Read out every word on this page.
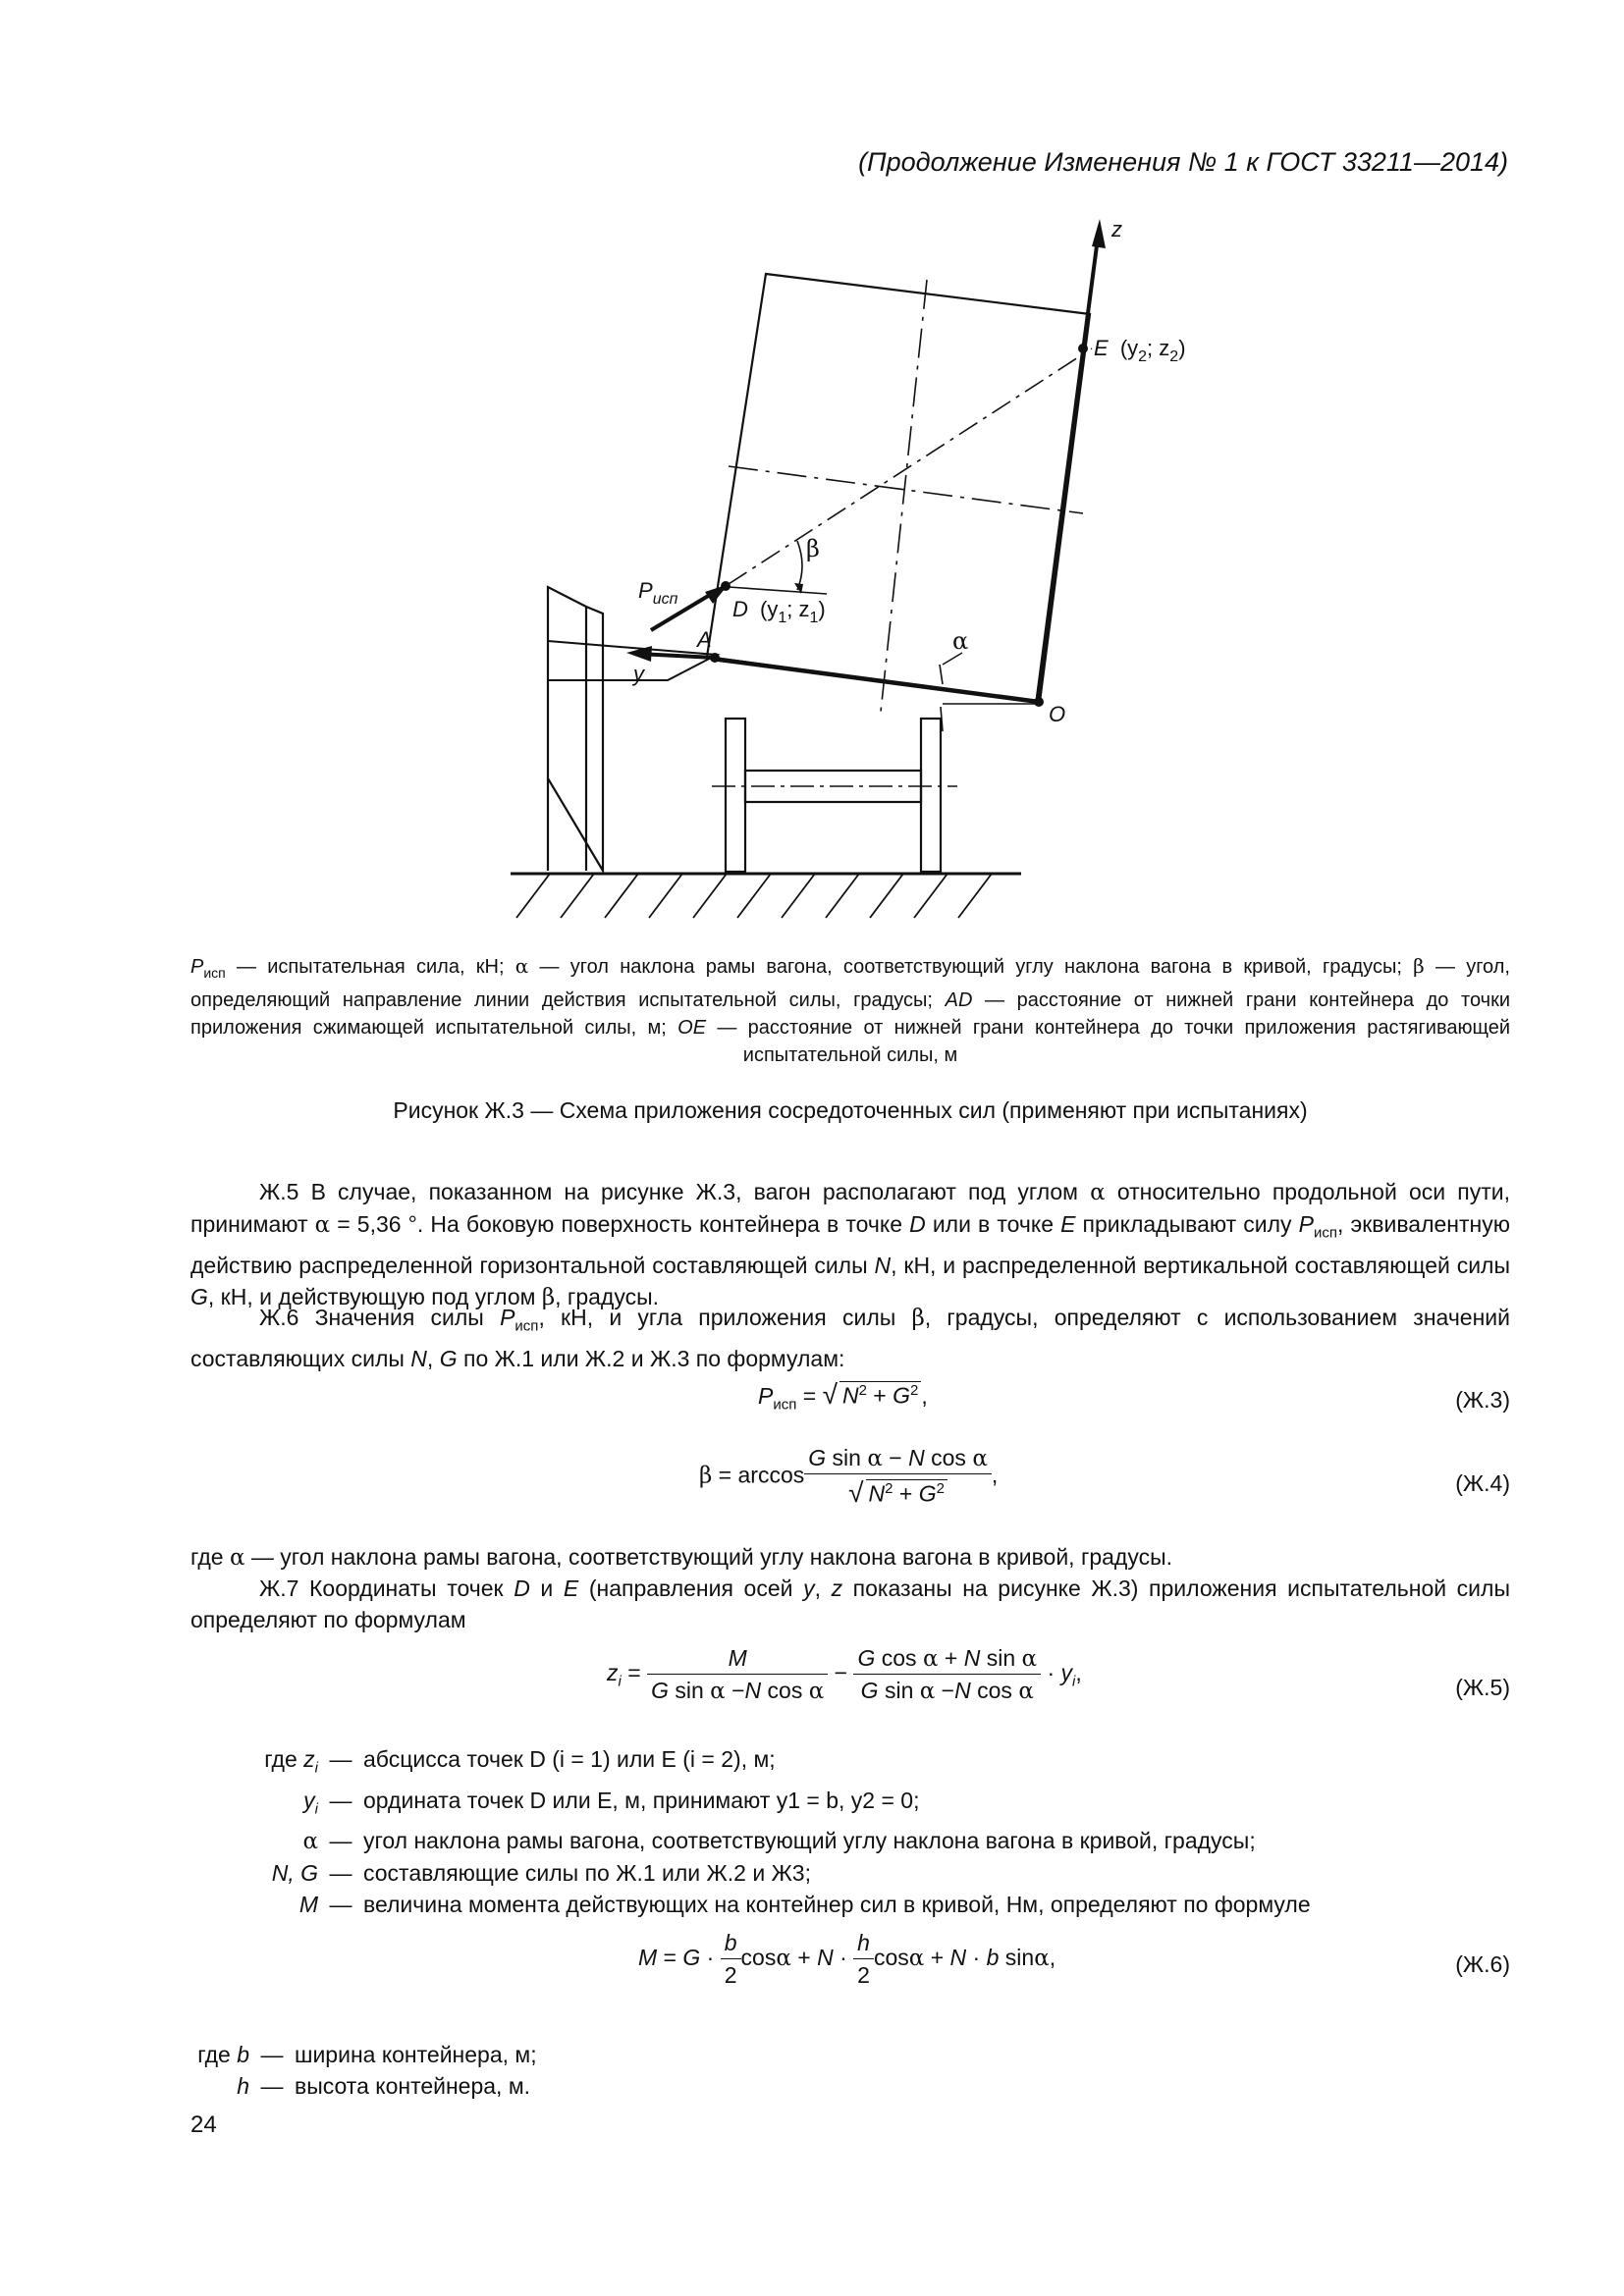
(Продолжение Изменения № 1 к ГОСТ 33211—2014)
z
E ($y_2$; $z_2$)
β
$P_{исп}$	D ($y_1$; $z_1$)
A
y
α
O
$P_{исп}$ — испытательная сила, кН; α — угол наклона рамы вагона, соответствующий углу наклона вагона в кривой, градусы; β — угол, определяющий направление линии действия испытательной силы, градусы; AD — расстояние от нижней грани контейнера до точки приложения сжимающей испытательной силы, м; OE — расстояние от нижней грани контейнера до точки приложения растягивающей испытательной силы, м
Рисунок Ж.3 — Схема приложения сосредоточенных сил (применяют при испытаниях)
Ж.5 В случае, показанном на рисунке Ж.3, вагон располагают под углом α относительно продольной оси пути, принимают α = 5,36 °. На боковую поверхность контейнера в точке D или в точке E прикладывают силу $P_{исп}$, эквивалентную действию распределенной горизонтальной составляющей силы N, кН, и распределенной вертикальной составляющей силы G, кН, и действующую под углом β, градусы.
Ж.6 Значения силы $P_{исп}$, кН, и угла приложения силы β, градусы, определяют с использованием значений составляющих силы N, G по Ж.1 или Ж.2 и Ж.3 по формулам:
$P_{исп}$ = √ $N^2 + G^2$ ,	(Ж.3)
$\beta = \arccos \frac{\text{G sin α − N cos α}}{√ N^2 + G^2}$ ,	(Ж.4)
где α — угол наклона рамы вагона, соответствующий углу наклона вагона в кривой, градусы.
Ж.7 Координаты точек D и E (направления осей y, z показаны на рисунке Ж.3) приложения испытательной силы определяют по формулам
$z_i = \frac{M}{\text{G sin α −N cos α}} - \frac{\text{G cos α + N sin α}}{\text{G sin α −N cos α}} \cdot y_i$,
(Ж.5)
где $z_i$ — абсцисса точек D (i = 1) или E (i = 2), м;
$y_i$ — ордината точек D или E, м, принимают y1 = b, y2 = 0;
α — угол наклона рамы вагона, соответствующий углу наклона вагона в кривой, градусы;
N, G — составляющие силы по Ж.1 или Ж.2 и Ж3;
M — величина момента действующих на контейнер сил в кривой, Нм, определяют по формуле
$M = G \cdot \frac{b}{2}$ $\cos\alpha + N \cdot \frac{h}{2}$ cosα + N · b sinα,	(Ж.6)
где b — ширина контейнера, м;
h — высота контейнера, м.
24
